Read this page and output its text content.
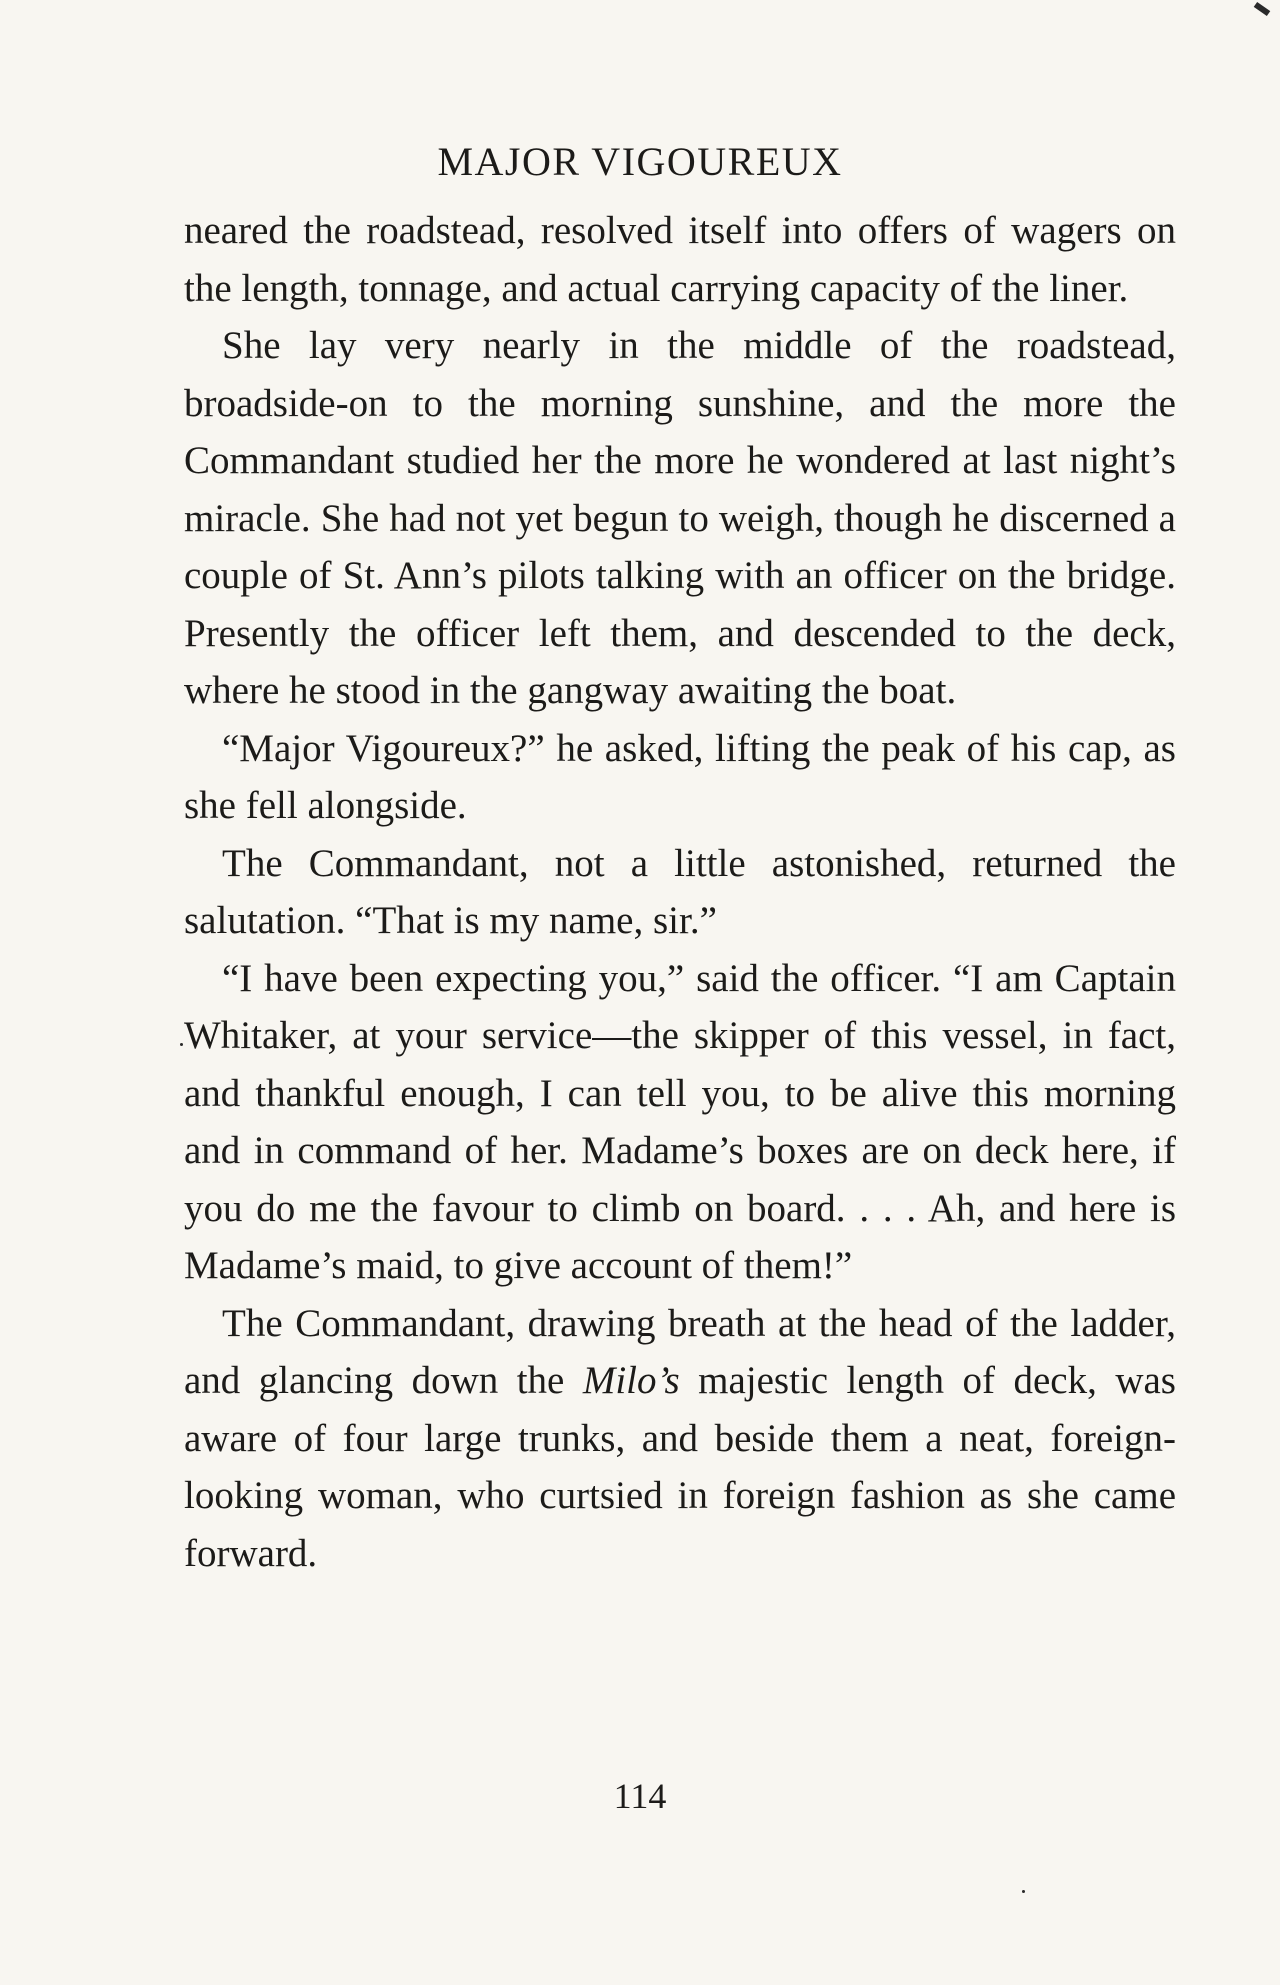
MAJOR VIGOUREUX

neared the roadstead, resolved itself into offers of wagers on the length, tonnage, and actual carrying capacity of the liner.

She lay very nearly in the middle of the roadstead, broadside-on to the morning sunshine, and the more the Commandant studied her the more he wondered at last night’s miracle. She had not yet begun to weigh, though he discerned a couple of St. Ann’s pilots talking with an officer on the bridge. Presently the officer left them, and descended to the deck, where he stood in the gangway awaiting the boat.

“Major Vigoureux?” he asked, lifting the peak of his cap, as she fell alongside.

The Commandant, not a little astonished, returned the salutation. “That is my name, sir.”

“I have been expecting you,” said the officer. “I am Captain Whitaker, at your service—the skipper of this vessel, in fact, and thankful enough, I can tell you, to be alive this morning and in command of her. Madame’s boxes are on deck here, if you do me the favour to climb on board. . . . Ah, and here is Madame’s maid, to give account of them!”

The Commandant, drawing breath at the head of the ladder, and glancing down the Milo’s majestic length of deck, was aware of four large trunks, and beside them a neat, foreign-looking woman, who curtsied in foreign fashion as she came forward.

114
